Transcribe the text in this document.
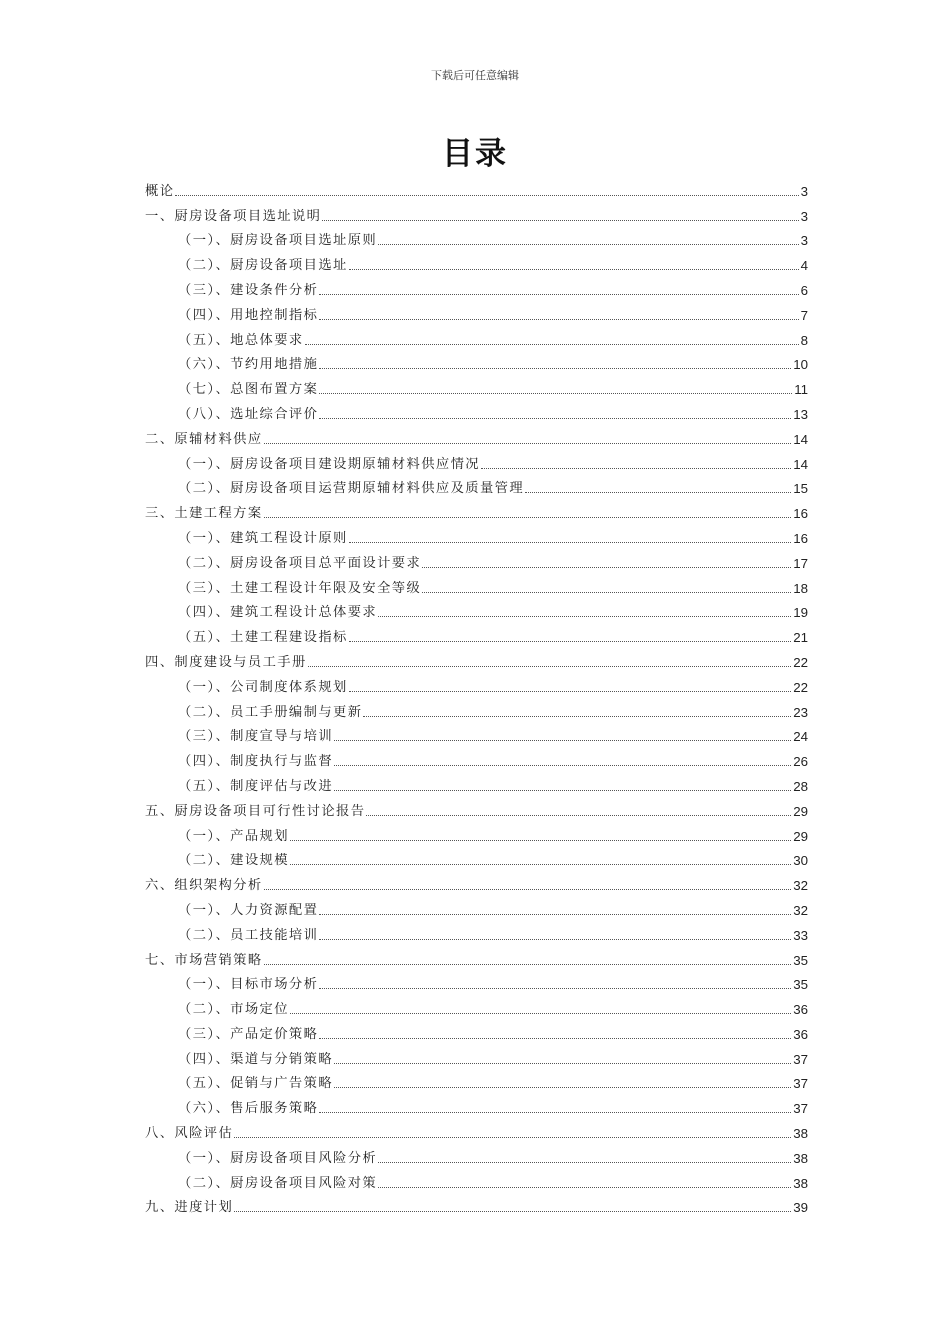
下载后可任意编辑
目录
概论	3
一、厨房设备项目选址说明	3
（一）、厨房设备项目选址原则	3
（二）、厨房设备项目选址	4
（三）、建设条件分析	6
（四）、用地控制指标	7
（五）、地总体要求	8
（六）、节约用地措施	10
（七）、总图布置方案	11
（八）、选址综合评价	13
二、原辅材料供应	14
（一）、厨房设备项目建设期原辅材料供应情况	14
（二）、厨房设备项目运营期原辅材料供应及质量管理	15
三、土建工程方案	16
（一）、建筑工程设计原则	16
（二）、厨房设备项目总平面设计要求	17
（三）、土建工程设计年限及安全等级	18
（四）、建筑工程设计总体要求	19
（五）、土建工程建设指标	21
四、制度建设与员工手册	22
（一）、公司制度体系规划	22
（二）、员工手册编制与更新	23
（三）、制度宣导与培训	24
（四）、制度执行与监督	26
（五）、制度评估与改进	28
五、厨房设备项目可行性讨论报告	29
（一）、产品规划	29
（二）、建设规模	30
六、组织架构分析	32
（一）、人力资源配置	32
（二）、员工技能培训	33
七、市场营销策略	35
（一）、目标市场分析	35
（二）、市场定位	36
（三）、产品定价策略	36
（四）、渠道与分销策略	37
（五）、促销与广告策略	37
（六）、售后服务策略	37
八、风险评估	38
（一）、厨房设备项目风险分析	38
（二）、厨房设备项目风险对策	38
九、进度计划	39
